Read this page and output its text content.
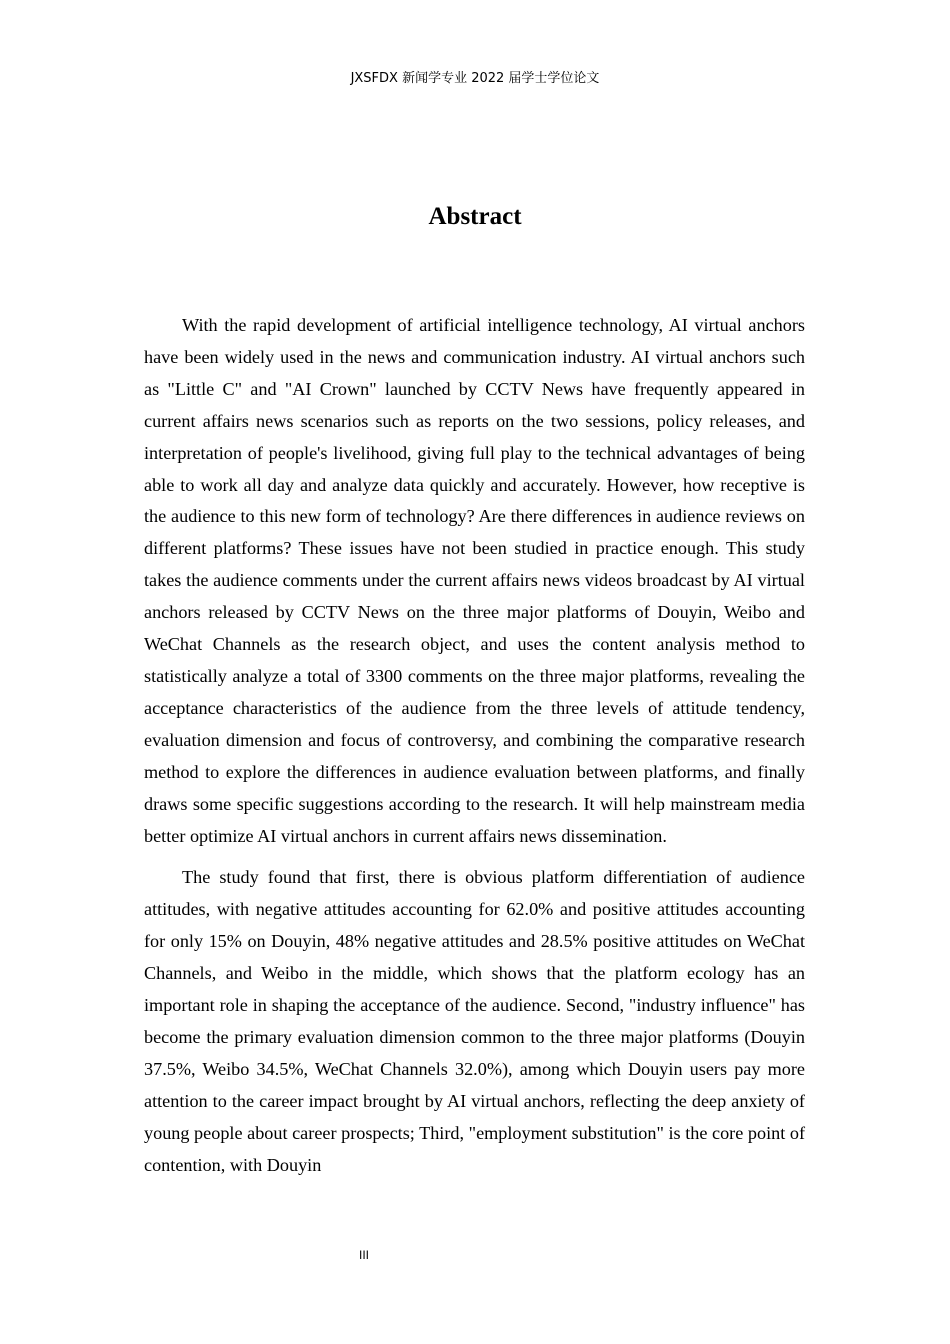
JXSFDX 新闻学专业 2022 届学士学位论文
Abstract

With the rapid development of artificial intelligence technology, AI virtual anchors have been widely used in the news and communication industry. AI virtual anchors such as "Little C" and "AI Crown" launched by CCTV News have frequently appeared in current affairs news scenarios such as reports on the two sessions, policy releases, and interpretation of people's livelihood, giving full play to the technical advantages of being able to work all day and analyze data quickly and accurately. However, how receptive is the audience to this new form of technology? Are there differences in audience reviews on different platforms? These issues have not been studied in practice enough. This study takes the audience comments under the current affairs news videos broadcast by AI virtual anchors released by CCTV News on the three major platforms of Douyin, Weibo and WeChat Channels as the research object, and uses the content analysis method to statistically analyze a total of 3300 comments on the three major platforms, revealing the acceptance characteristics of the audience from the three levels of attitude tendency, evaluation dimension and focus of controversy, and combining the comparative research method to explore the differences in audience evaluation between platforms, and finally draws some specific suggestions according to the research. It will help mainstream media better optimize AI virtual anchors in current affairs news dissemination.

The study found that first, there is obvious platform differentiation of audience attitudes, with negative attitudes accounting for 62.0% and positive attitudes accounting for only 15% on Douyin, 48% negative attitudes and 28.5% positive attitudes on WeChat Channels, and Weibo in the middle, which shows that the platform ecology has an important role in shaping the acceptance of the audience. Second, "industry influence" has become the primary evaluation dimension common to the three major platforms (Douyin 37.5%, Weibo 34.5%, WeChat Channels 32.0%), among which Douyin users pay more attention to the career impact brought by AI virtual anchors, reflecting the deep anxiety of young people about career prospects; Third, "employment substitution" is the core point of contention, with Douyin

III
